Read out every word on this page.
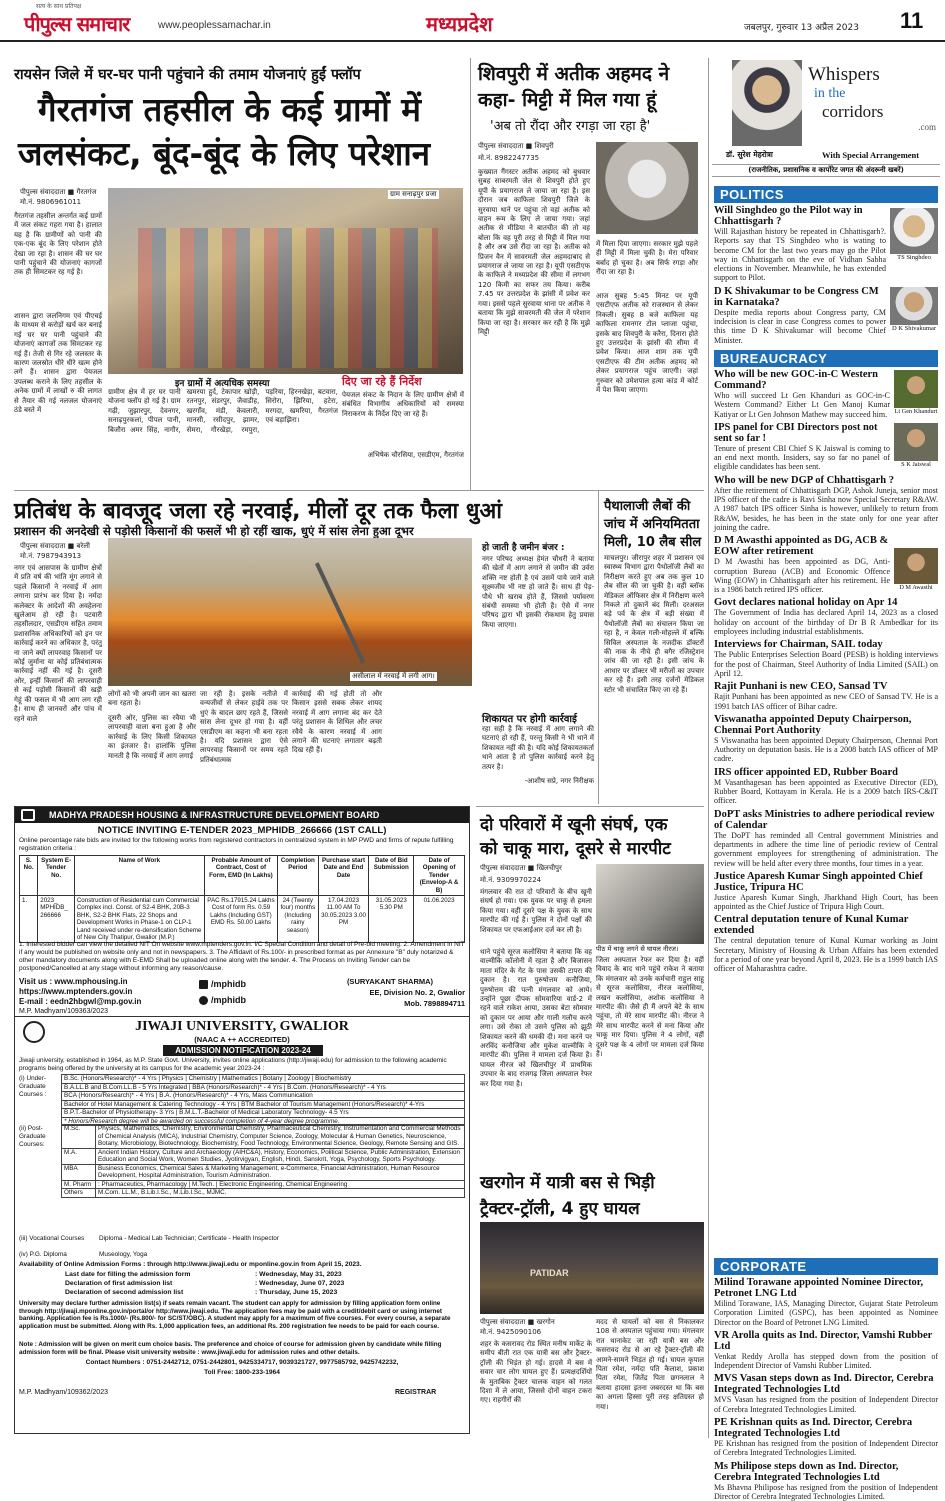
सत्य के साथ प्रतिपक्ष
पीपुल्स समाचार	www.peoplessamachar.in	मध्यप्रदेश	जबलपुर, गुरुवार 13 अप्रैल 2023 11
रायसेन जिले में घर-घर पानी पहुंचाने की तमाम योजनाएं हुईं फ्लॉप
गैरतगंज तहसील के कई ग्रामों में
जलसंकट, बूंद-बूंद के लिए परेशान
पीपुल्स संवाददाता ■ गैरतगंज
मो.नं. 9806961011
गैरतगंज तहसील अन्तर्गत कई ग्रामों में जल संकट गहरा गया है। हालात यह है कि ग्रामीणों को पानी की एक-एक बूंद के लिए परेशान होते देखा जा रहा है। शासन की घर घर पानी पहुंचाने की योजनाएं कागजों तक ही सिमटकर रह गई है।
शासन द्वारा जलनिगम एवं पीएचई के माध्यम से करोड़ों खर्च कर बनाई गई घर घर पानी पहुंचाने की योजनाएं कागजों तक सिमटकर रह गई हैं। तेजी से गिर रहे जलस्तर के कारण जलस्रोत धीरे धीरे खत्म होने लगे हैं। शासन द्वारा पेयजल उपलब्ध कराने के लिए तहसील के अनेक ग्रामों में लाखों रु की लागत से तैयार की गई नलजल योजनाएं ठंडे बस्ते में
ग्राम सनाढ़पुर प्रजा
इन ग्रामों में अत्यधिक समस्या
ग्रामीण क्षेत्र में हर घर पानी योजना फ्लॉप हो गई है। ग्राम गढ़ी, जुझारपुर, देवनगर, सनाढ़पुरकलां, पीपल पानी, बिजौरा अमर सिंह, नागौर, खमरया हुर्द, टेकापार खोड़ी, रतनपुर, संडरपुर, जैवाडीह, खरगाँव, मंडी, केवलारी, मानसी, रसीदपुर, झामर, सेमरा, गौरखेड़ा, रमपुरा, पड़रिया, हिरनखेड़ा, बटवारा, सिरोरा, झिरिया, हटेरा, मरगदा, खमरिया, गैरतगंज एवं बड़ाझिरा।
दिए जा रहे हैं निर्देश
पेयजल संकट के निदान के लिए ग्रामीण क्षेत्रों में संबंधित विभागीय अधिकारियों को समस्या निराकरण के निर्देश दिए जा रहे हैं।
अभिषेक चौरसिया, एसडीएम, गैरतगंज
शिवपुरी में अतीक अहमद ने
कहा- मिट्टी में मिल गया हूं
'अब तो रौंदा और रगड़ा जा रहा है'
पीपुल्स संवाददाता ■ शिवपुरी
मो.नं. 8982247735
कुख्यात गैंगस्टर अतीक अहमद को बुधवार सुबह साबरमती जेल से शिवपुरी होते हुए यूपी के प्रयागराज ले जाया जा रहा है। इस दौरान जब काफिला शिवपुरी जिले के सुरवाया थाने पर पहुंचा तो वहां अतीक को वाहन रूम के लिए ले जाया गया। जहां अतीक से मीडिया ने बातचीत की तो वह बोला कि वह पूरी तरह से मिट्टी में मिल गया है और अब उसे रौंदा जा रहा है। अतीक को प्रिजन वैन में सावरमती जेल अहमदाबाद से प्रयागराज ले जाया जा रहा है। यूपी एसटीएफ के काफिले ने मध्यप्रदेश की सीमा में लगभग 120 किमी का सफर तय किया। करीब 7.45 पर उत्तरप्रदेश के झांसी में प्रवेश कर गया। इससे पहले सुरवाया थाना पर अतीक ने बताया कि मुझे सावरमती की जेल में परेशान किया जा रहा है। सरकार कर रही है कि मुझे मिट्टी
में मिला दिया जाएगा। सरकार मुझे पहले ही मिट्टी में मिला चुकी है। मेरा परिवार बर्बाद हो चुका है। अब सिर्फ रगड़ा और रौंदा जा रहा है।
आज सुबह 5:45 मिनट पर यूपी एसटीएफ अतीक को राजस्थान से लेकर निकली। सुबह 8 बजे काफिला यह काफिला रामनगर टोल प्लाजा पहुंचा, इसके बाद शिवपुरी के करैरा, दिनारा होते हुए उत्तरप्रदेश के झांसी की सीमा में प्रवेश किया। आज शाम तक यूपी एसटीएफ की टीम अतीक अहमद को लेकर प्रयागराज पहुंच जाएगी। जहां गुरुवार को उमेशपाल हत्या कांड में कोर्ट में पेश किया जाएगा।
प्रतिबंध के बावजूद जला रहे नरवाई, मीलों दूर तक फैला धुआं
प्रशासन की अनदेखी से पड़ोसी किसानों की फसलें भी हो रहीं खाक, धुएं में सांस लेना हुआ दूभर
पीपुल्स संवाददाता ■ बरेली
मो.नं. 7987943913
नगर एवं आसपास के ग्रामीण क्षेत्रों में प्रति वर्ष की भांति मूंग लगाने से पहले किसानों ने नरवाई में आग लगाना प्रारंभ कर दिया है। नर्मदा कलेक्टर के आदेशों की अवहेलना खुलेआम हो रही है। पटवारी तहसीलदार, एसडीएम सहित तमाम प्रशासनिक अधिकारियों को इन पर कार्रवाई करने का अधिकार है, परंतु ना जाने क्यों लापरवाह किसानों पर कोई जुर्माना या कोई प्रतिबंधात्मक कार्रवाई नहीं की गई है। दूसरी ओर, इन्हीं किसानों की लापरवाही से कई पड़ोसी किसानों की खड़ी गेहूं की फसल में भी आग लग रही है। साथ ही जानवरों और पांच में रहने वाले
असीलाल में नरवाई में लगी आग।
लोगों को भी अपनी जान का खतरा बना रहता है।
दूसरी ओर, पुलिस का रवैया भी लापरवाही वाला बना हुआ है और कार्रवाई के लिए किसी शिकायत का इंतजार है। हालांकि पुलिस मानती है कि नरवाई में आग लगाई
जा रही है। इसके नतीजे में वन्यजीवों से लेकर हाईवे तक पर धुएं के बादल छाए रहते हैं, जिससे सांस लेना दूभर हो गया है। वहीं एसडीएम का कहना भी बना रहता है। यदि प्रशासन द्वारा ऐसे लापरवाह किसानों पर समय रहते प्रतिबंधात्मक
कार्रवाई की गई होती तो और किसान इससे सबक लेकर शायद नरवाई में आग लगाना बंद कर देते परंतु प्रशासन के शिथिल और लचर रवैये के कारण नरवाई में आग लगाने की घटनाएं लगातार बढ़ती दिख रही हैं।
हो जाती है जमीन बंजर :
नगर परिषद अध्यक्ष हेमंत चौधरी ने बताया की खेतों में आग लगाने से जमीन की उर्वरा शक्ति नष्ट होती है एवं उसमें पाये जाने वाले सूक्ष्मजीव भी नष्ट हो जाते हैं। साथ ही पेड़-पौधे भी खराब होते हैं, जिससे पर्यावरण संबंधी समस्या भी होती है। ऐसे में नगर परिषद द्वारा भी इसकी रोकथाम हेतु प्रयास किया जाएगा।
शिकायत पर होगी कार्रवाई
रहा सही है कि नरवाई में आग लगाने की घटनाएं हो रही हैं, परन्तु किसी ने भी थाने में शिकायत नहीं की है। यदि कोई शिकायतकर्ता थाने आता है तो पुलिस कार्रवाई करने हेतु तत्पर है।
-आशीष सप्रे, नगर निरीक्षक
पैथालाजी लैबों की
जांच में अनियमितता
मिली, 10 लैब सील
माचलपुर। जीरापुर शहर में प्रशासन एवं स्वास्थ्य विभाग द्वारा पैथोलॉजी लैबों का निरीक्षण करते हुए अब तक कुल 10 लैब सील की जा चुकी है। वहीं ब्लॉक मेडिकल ऑफिसर क्षेत्र में निरीक्षण करने निकले तो दुकानें बंद मिलीं। दरअसल बड़े पर्व के क्षेत्र में बड़ी संख्या में पैथोलॉजी लैबों का संचालन किया जा रहा है, न केवल गली-मोहल्ले में बल्कि सिविल अस्पताल के नजदीक डॉक्टरों की नाक के नीचे ही बगैर रजिस्ट्रेशन जांच की जा रही है। इसी जांच के आधार पर डॉक्टर भी मरीजों का उपचार कर रहे हैं। इसी तरह दर्जनों मेडिकल स्टोर भी संचालित किए जा रहे हैं।
MADHYA PRADESH HOUSING & INFRASTRUCTURE DEVELOPMENT BOARD
NOTICE INVITING E-TENDER 2023_MPHIDB_266666 (1ST CALL)
Online percentage rate bids are invited for the following works from registered contractors in centralized system in MP PWD and firms of repute fulfilling registration criteria :
S. No.	System E-Tender No.	Name of Work	Probable Amount of Contract, Cost of Form, EMD (In Lakhs)	Completion Period	Purchase start Date and End Date	Date of Bid Submission	Date of Opening of Tender (Envelop-A & B)
1.	2023_ MPHIDB_ 266666	Construction of Residential cum Commercial Complex incl. Const. of S2-4 BHK, 20B-3 BHK, S2-2 BHK Flats, 22 Shops and Development Works in Phase-1 on CLP-1 Land received under re-densification Scheme of New City Thatipur, Gwalior (M.P.)	PAC Rs.17915.24 Lakhs Cost of form Rs. 0.59 Lakhs (Including GST) EMD Rs. 50.00 Lakhs	24 (Twenty four) months (Including rainy season)	17.04.2023 11.00 AM To 30.05.2023 3.00 PM	31.05.2023 5.30 PM	01.06.2023
1. Interested bidder can view the detailed NIT On website www.mptenders.gov.in. I/C Special Condition and detail of Pre-bid meeting. 2. Amendment in NIT if any would be published on website only and not in newspapers. 3. The Affidavit of Rs.100/- in prescribed format as per Annexure "B" duly notarized & other mandatory documents along with E-EMD Shall be uploaded online along with the tender. 4. The Process on Inviting Tender can be postponed/Cancelled at any stage without informing any reason/cause.
Visit us : www.mphousing.in
https://www.mptenders.gov.in
E-mail : eedn2hbgwl@mp.gov.in
M.P. Madhyam/109363/2023
/mphidb
/mphidb
(SURYAKANT SHARMA)
EE, Division No. 2, Gwalior
Mob. 7898894711
JIWAJI UNIVERSITY, GWALIOR
(NAAC A ++ ACCREDITED)
ADMISSION NOTIFICATION 2023-24
Jiwaji university, established in 1964, as M.P. State Govt. University, invites online applications (http://jiwaji.edu) for admission to the following academic programs being offered by the university at its campus for the academic year 2023-24 :
(i) Under-Graduate Courses :
B.Sc. (Honors/Research)* - 4 Yrs | Physics | Chemistry | Mathematics | Botany | Zoology | Biochemistry
B.A.LL.B and B.Com.LL.B - 5 Yrs Integrated | BBA (Honors/Research)* - 4 Yrs | B.Com. (Honors/Research)* - 4 Yrs
BCA (Honors/Research)* - 4 Yrs | B.A. (Honors/Research)* - 4 Yrs, Mass Communication
Bachelor of Hotel Management & Catering Technology - 4 Yrs | BTM Bachelor of Tourism Management (Honors/Research)* 4-Yrs
B.P.T.-Bachelor of Physiotherapy- 3 Yrs | B.M.L.T.-Bachelor of Medical Laboratory Technology- 4.5 Yrs
* Honors/Research degree will be awarded on successful completion of 4-year degree programme.
(ii) Post-Graduate Courses:
M.Sc.	Physics, Mathematics, Chemistry, Environmental Chemistry, Pharmaceutical Chemistry, Instrumentation and Commercial Methods of Chemical Analysis (MICA), Industrial Chemistry, Computer Science, Zoology, Molecular & Human Genetics, Neuroscience, Botany, Microbiology, Biotechnology, Biochemistry, Food Technology, Environmental Science, Geology, Remote Sensing and GIS.
M.A.	Ancient Indian History, Culture and Archaeology (AIHC&A), History, Economics, Political Science, Public Administration, Extension Education and Social Work, Women Studies, Jyotirvigyan, English, Hindi, Sanskrit, Yoga, Psychology, Sports Psychology.
MBA	Business Economics, Chemical Sales & Marketing Management, e-Commerce, Financial Administration, Human Resource Development, Hospital Administration, Tourism Administration.
M. Pharm	: Pharmaceutics, Pharmacology | M.Tech. | Electronic Engineering, Chemical Engineering
Others	M.Com. LL.M., B.Lib.I.Sc., M.Lib.I.Sc., MJMC.
(iii) Vocational Courses	Diploma - Medical Lab Technician; Certificate - Health Inspector
(iv) P.G. Diploma	Museology, Yoga
Availability of Online Admission Forms : through http://www.jiwaji.edu or mponline.gov.in from April 15, 2023.
Last date for filling the admission form	: Wednesday, May 31, 2023
Declaration of first admission list	: Wednesday, June 07, 2023
Declaration of second admission list	: Thursday, June 15, 2023
University may declare further admission list(s) if seats remain vacant. The student can apply for admission by filling application form online through http://jiwaji.mponline.gov.in/portal/or http://www.jiwaji.edu. The application fees may be paid with a credit/debit card or using internet banking. Application fee is Rs.1000/- (Rs.800/- for SC/ST/OBC). A student may apply for a maximum of five courses. For every course, a separate application must be submitted. Along with Rs. 1,000 application fees, an additional Rs. 200 registration fee needs to be paid for each course.
Note : Admission will be given on merit cum choice basis. The preference and choice of course for admission given by candidate while filling admission form will be final. Please visit university website : www.jiwaji.edu for admission rules and other details.
Contact Numbers : 0751-2442712, 0751-2442801, 9425334717, 9039321727, 9977585792, 9425742232,
Toll Free: 1800-233-1964
M.P. Madhyam/109362/2023	REGISTRAR
दो परिवारों में खूनी संघर्ष, एक
को चाकू मारा, दूसरे से मारपीट
पीपुल्स संवाददाता ■ खिलचीपुर
मो.नं. 9309970224
मंगलवार की रात दो परिवारों के बीच खूनी संघर्ष हो गया। एक युवक पर चाकू से हमला किया गया। वहीं दूसरे पक्ष के युवक के साथ मारपीट की गई है। पुलिस ने दोनों पक्षों की शिकायत पर एफआईआर दर्ज कर ली है।
थाने पहुंचे सूरज कलोसिया ने बताया कि वह वाल्मीकि कॉलोनी में रहता है और बिजासन माता मंदिर के गेट के पास उसकी टापरा की दुकान है। रात पुरुषोत्तम कनौजिया, पुरुषोत्तम की पत्नी मंगलवार को आये। उन्होंने पूछा दीपक सोमवारिया वार्ड-2 में रहने वाले राकेश आया, उसका बेटा सोमवार को दुकान पर आया और गाली गलौच करने लगा। उसे रोका तो उसने पुलिस को झूठी शिकायत करने की धमकी दी। मना करने पर अरविंद कनौजिया और मुकेश वाल्मीकि ने मारपीट की। पुलिस ने मामला दर्ज किया है। घायल नीरज को खिलचीपुर में प्राथमिक उपचार के बाद राजगढ़ जिला अस्पताल रेफर कर दिया गया है।
पीठ में चाकू लगने से घायल नीरज।
जिला अस्पताल रेफर कर दिया है। वहीं विवाद के बाद थाने पहुंचे राकेश ने बताया कि मंगलवार को उनके कर्मचारी राहुल साहू से सूरज कलोसिया, नीरज कलोसिया, लखन कलोसिया, अशोक कलोसिया ने मारपीट की। जैसे ही मैं अपने बेटे के साथ पहुंचा, तो मेरे साथ मारपीट की। नीरज ने मेरे साथ मारपीट करने से मना किया और चाकू मार दिया। पुलिस ने 4 लोगों, वहीं दूसरे पक्ष के 4 लोगों पर मामला दर्ज किया है।
खरगोन में यात्री बस से भिड़ी
ट्रैक्टर-ट्रॉली, 4 हुए घायल
PATIDAR
पीपुल्स संवाददाता ■ खरगोन
मो.नं. 9425090106
शहर के कसरावद रोड स्थित मनीष मार्केट के समीप बीती रात एक यात्री बस और ट्रैक्टर-ट्रॉली की भिड़ंत हो गई। हादसे में बस में सवार चार लोग घायल हुए हैं। प्रत्यक्षदर्शियों के मुताबिक ट्रैक्टर चालक वाहन को गलत दिशा में ले आया, जिससे दोनों वाहन टकरा गए। राहगीरों की
मदद से घायलों को बस से निकालकर 108 से अस्पताल पहुंचाया गया। मंगलवार रात थानाकेट जा रही यात्री बस और कसरावद रोड से आ रहे ट्रैक्टर-ट्रॉली की आमने-सामने भिड़ंत हो गई। घायल कृपाल पिता रमेश, नर्मदा पति कैलाश, प्रकाश पिता रमेश, जितेंद्र पिता छगनलाल ने बताया हादसा इतना जबरदस्त था कि बस का अगला हिस्सा पूरी तरह क्षतिग्रस्त हो गया।
Whispers
in the
corridors
.com
डॉ. सुरेश मेहरोत्रा	With Special Arrangement
(राजनीतिक, प्रशासनिक व कार्पोरेट जगत की अंदरूनी खबरें)
POLITICS
Will Singhdeo go the Pilot way in Chhattisgarh ?

Will Rajasthan history be repeated in Chhattisgarh?. Reports say that TS Singhdeo who is wating to become CM for the last two years may go the Pilot way in Chhattisgarh on the eve of Vidhan Sabha elections in November. Meanwhile, he has extended support to Pilot.

TS Singhdeo
D K Shivakumar to be Congress CM in Karnataka?

Despite media reports about Congress party, CM indecision is clear in case Congress comes to power this time D K Shivakumar will become Chief Minister.

D K Shivakumar
BUREAUCRACY
Who will be new GOC-in-C Western Command?

Who will succeed Lt Gen Khanduri as GOC-in-C Western Command? Either Lt Gen Manoj Kumar Katiyar or Lt Gen Johnson Mathew may succeed him.	Lt Gen Khanduri
IPS panel for CBI Directors post not sent so far !

Tenure of present CBI Chief S K Jaiswal is coming to an end next month. Insiders, say so far no panel of eligible candidates has been sent.	S K Jaiswal
Who will be new DGP of Chhattisgarh ?

After the retirement of Chhattisgarh DGP, Ashok Juneja, senior most IPS officer of the cadre is Ravi Sinha now Special Secretary R&AW. A 1987 batch IPS officer Sinha is however, unlikely to return from R&AW, besides, he has been in the state only for one year after joining the cadre.

D M Awasthi appointed as DG, ACB & EOW after retirement

D M Awasthi has been appointed as DG, Anti-corruption Bureau (ACB) and Economic Offence Wing (EOW) in Chhattisgarh after his retirement. He is a 1986 batch retired IPS officer.	D M Awasthi
Govt declares national holiday on Apr 14

The Government of India has declared April 14, 2023 as a closed holiday on account of the birthday of Dr B R Ambedkar for its employees including industrial establishments.

Interviews for Chairman, SAIL today

The Public Enterprises Selection Board (PESB) is holding interviews for the post of Chairman, Steel Authority of India Limited (SAIL) on April 12.

Rajit Punhani is new CEO, Sansad TV

Rajit Punhani has been appointed as new CEO of Sansad TV. He is a 1991 batch IAS officer of Bihar cadre.

Viswanatha appointed Deputy Chairperson, Chennai Port Authority

S Viswanatha has been appointed Deputy Chairperson, Chennai Port Authority on deputation basis. He is a 2008 batch IAS officer of MP cadre.

IRS officer appointed ED, Rubber Board

M Vasanthagesan has been appointed as Executive Director (ED), Rubber Board, Kottayam in Kerala. He is a 2009 batch IRS-C&IT officer.

DoPT asks Ministries to adhere periodical review of Calendar

The DoPT has reminded all Central government Ministries and departments in adhere the time line of periodic review of Central government employees for strengthening of administration. The review will be held after every three months, four times in a year.

Justice Aparesh Kumar Singh appointed Chief Justice, Tripura HC

Justice Aparesh Kumar Singh, Jharkhand High Court, has been appointed as the Chief Justice of Tripura High Court.

Central deputation tenure of Kunal Kumar extended

The central deputation tenure of Kunal Kumar working as Joint Secretary, Ministry of Housing & Urban Affairs has been extended for a period of one year beyond April 8, 2023. He is a 1999 batch IAS officer of Maharashtra cadre.

CORPORATE
Milind Torawane appointed Nominee Director, Petronet LNG Ltd

Milind Torawane, IAS, Managing Director, Gujarat State Petroleum Corporation Limited (GSPC), has been appointed as Nominee Director on the Board of Petronet LNG Limited.

VR Arolla quits as Ind. Director, Vamshi Rubber Ltd

Venkat Reddy Arolla has stepped down from the position of Independent Director of Vamshi Rubber Limited.

MVS Vasan steps down as Ind. Director, Cerebra Integrated Technologies Ltd

MVS Vasan has resigned from the position of Independent Director of Cerebra Integrated Technologies Limited.

PE Krishnan quits as Ind. Director, Cerebra Integrated Technologies Ltd

PE Krishnan has resigned from the position of Independent Director of Cerebra Integrated Technologies Limited.

Ms Philipose steps down as Ind. Director, Cerebra Integrated Technologies Ltd

Ms Bhavna Philipose has resigned from the position of Independent Director of Cerebra Integrated Technologies Limited.
